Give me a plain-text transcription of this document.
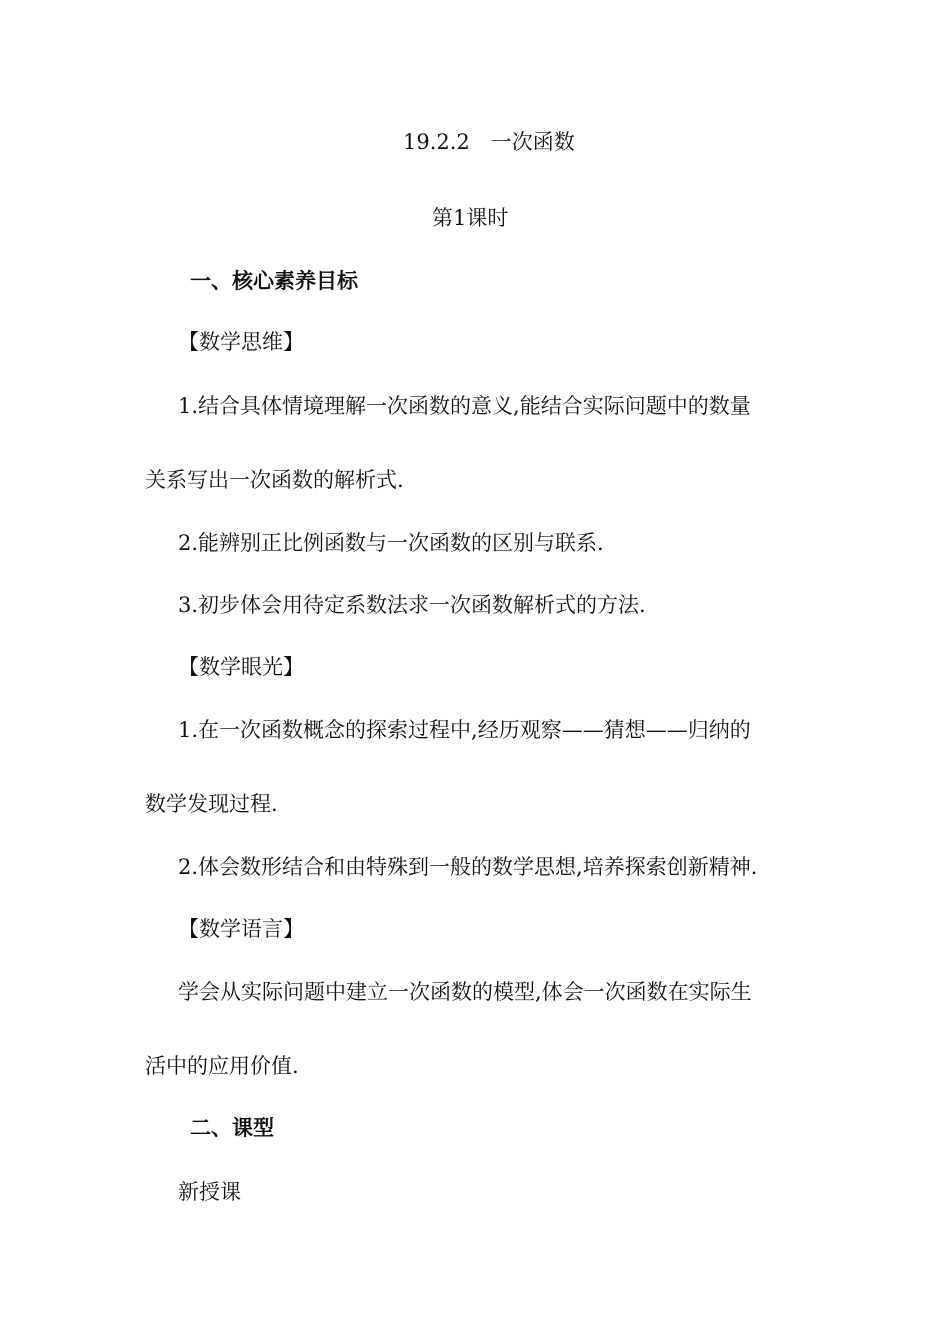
19.2.2　一次函数
第1课时
一、核心素养目标
【数学思维】
1.结合具体情境理解一次函数的意义,能结合实际问题中的数量
关系写出一次函数的解析式.
2.能辨别正比例函数与一次函数的区别与联系.
3.初步体会用待定系数法求一次函数解析式的方法.
【数学眼光】
1.在一次函数概念的探索过程中,经历观察——猜想——归纳的
数学发现过程.
2.体会数形结合和由特殊到一般的数学思想,培养探索创新精神.
【数学语言】
学会从实际问题中建立一次函数的模型,体会一次函数在实际生
活中的应用价值.
二、课型
新授课
